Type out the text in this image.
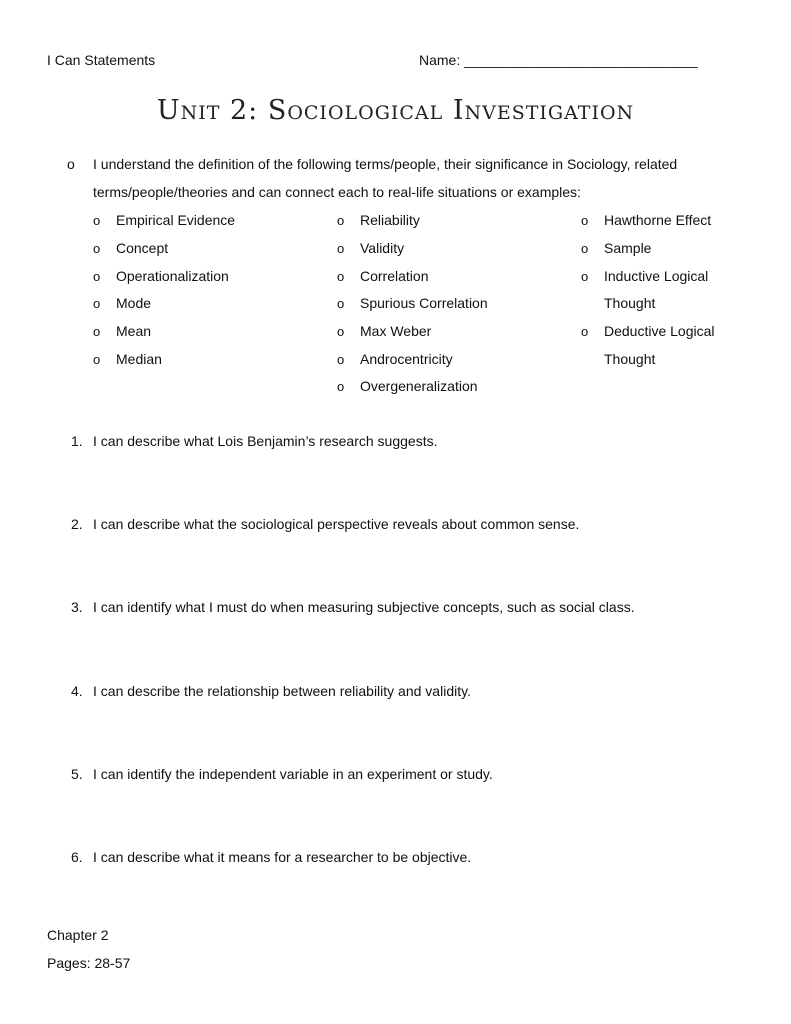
I Can Statements	Name: ______________________________
Unit 2: Sociological Investigation
o I understand the definition of the following terms/people, their significance in Sociology, related
terms/people/theories and can connect each to real-life situations or examples:
o Empirical Evidence
o Concept
o Operationalization
o Mode
o Mean
o Median
o Reliability
o Validity
o Correlation
o Spurious Correlation
o Max Weber
o Androcentricity
o Overgeneralization
o Hawthorne Effect
o Sample
o Inductive Logical
Thought
o Deductive Logical
Thought
1. I can describe what Lois Benjamin’s research suggests.
2. I can describe what the sociological perspective reveals about common sense.
3. I can identify what I must do when measuring subjective concepts, such as social class.
4. I can describe the relationship between reliability and validity.
5. I can identify the independent variable in an experiment or study.
6. I can describe what it means for a researcher to be objective.
Chapter 2
Pages: 28-57
